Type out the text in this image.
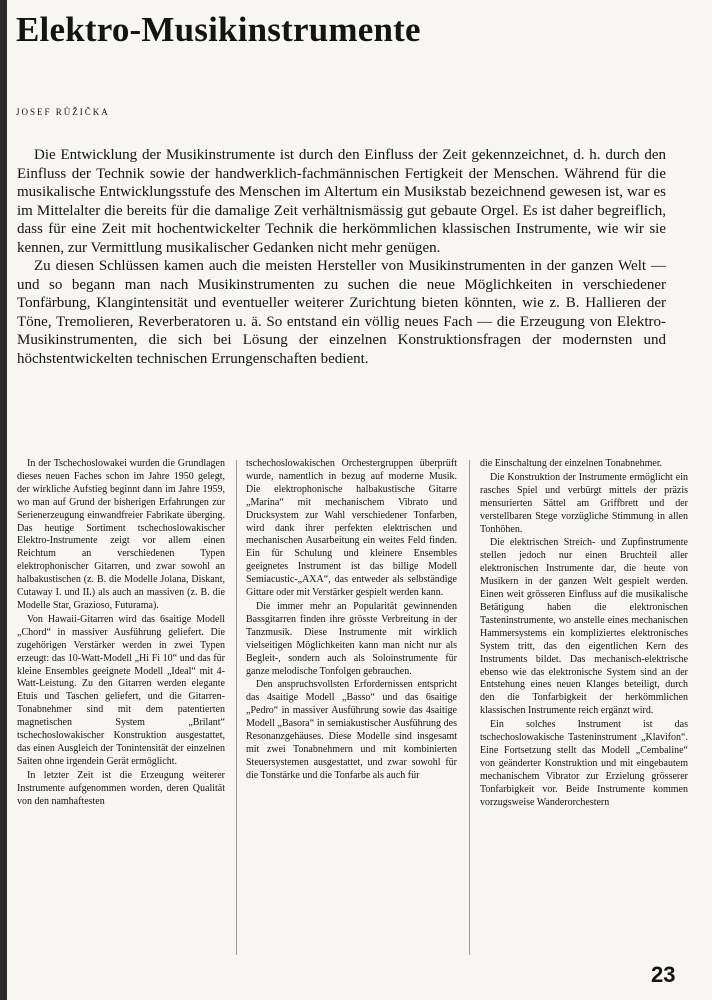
Elektro-Musikinstrumente
JOSEF RŮŽIČKA

Die Entwicklung der Musikinstrumente ist durch den Einfluss der Zeit gekennzeichnet, d. h. durch den Einfluss der Technik sowie der handwerklich-fachmännischen Fertigkeit der Menschen. Während für die musikalische Entwicklungsstufe des Menschen im Altertum ein Musikstab bezeichnend gewesen ist, war es im Mittelalter die bereits für die damalige Zeit verhältnismässig gut gebaute Orgel. Es ist daher begreiflich, dass für eine Zeit mit hochentwickelter Technik die herkömmlichen klassischen Instrumente, wie wir sie kennen, zur Vermittlung musikalischer Gedanken nicht mehr genügen.

Zu diesen Schlüssen kamen auch die meisten Hersteller von Musikinstrumenten in der ganzen Welt — und so begann man nach Musikinstrumenten zu suchen die neue Möglichkeiten in verschiedener Tonfärbung, Klangintensität und eventueller weiterer Zurichtung bieten könnten, wie z. B. Hallieren der Töne, Tremolieren, Reverberatoren u. ä. So entstand ein völlig neues Fach — die Erzeugung von Elektro-Musikinstrumenten, die sich bei Lösung der einzelnen Konstruktionsfragen der modernsten und höchstentwickelten technischen Errungenschaften bedient.

In der Tschechoslowakei wurden die Grundlagen dieses neuen Faches schon im Jahre 1950 gelegt, der wirkliche Aufstieg beginnt dann im Jahre 1959, wo man auf Grund der bisherigen Erfahrungen zur Serienerzeugung einwandfreier Fabrikate überging. Das heutige Sortiment tschechoslowakischer Elektro-Instrumente zeigt vor allem einen Reichtum an verschiedenen Typen elektrophonischer Gitarren, und zwar sowohl an halbakustischen (z. B. die Modelle Jolana, Diskant, Cutaway I. und II.) als auch an massiven (z. B. die Modelle Star, Grazioso, Futurama).

Von Hawaii-Gitarren wird das 6saitige Modell „Chord“ in massiver Ausführung geliefert. Die zugehörigen Verstärker werden in zwei Typen erzeugt: das 10-Watt-Modell „Hi Fi 10“ und das für kleine Ensembles geeignete Modell „Ideal“ mit 4-Watt-Leistung. Zu den Gitarren werden elegante Etuis und Taschen geliefert, und die Gitarren-Tonabnehmer sind mit dem patentierten magnetischen System „Brilant“ tschechoslowakischer Konstruktion ausgestattet, das einen Ausgleich der Tonintensität der einzelnen Saiten ohne irgendein Gerät ermöglicht.

In letzter Zeit ist die Erzeugung weiterer Instrumente aufgenommen worden, deren Qualität von den namhaftesten

tschechoslowakischen Orchestergruppen überprüft wurde, namentlich in bezug auf moderne Musik. Die elektrophonische halbakustische Gitarre „Marina“ mit mechanischem Vibrato und Drucksystem zur Wahl verschiedener Tonfarben, wird dank ihrer perfekten elektrischen und mechanischen Ausarbeitung ein weites Feld finden. Ein für Schulung und kleinere Ensembles geeignetes Instrument ist das billige Modell Semiacustic-„AXA“, das entweder als selbständige Gittare oder mit Verstärker gespielt werden kann.

Die immer mehr an Popularität gewinnenden Bassgitarren finden ihre grösste Verbreitung in der Tanzmusik. Diese Instrumente mit wirklich vielseitigen Möglichkeiten kann man nicht nur als Begleit-, sondern auch als Soloinstrumente für ganze melodische Tonfolgen gebrauchen.

Den anspruchsvollsten Erfordernissen entspricht das 4saitige Modell „Basso“ und das 6saitige „Pedro“ in massiver Ausführung sowie das 4saitige Modell „Basora“ in semiakustischer Ausführung des Resonanzgehäuses. Diese Modelle sind insgesamt mit zwei Tonabnehmern und mit kombinierten Steuersystemen ausgestattet, und zwar sowohl für die Tonstärke und die Tonfarbe als auch für

die Einschaltung der einzelnen Tonabnehmer.

Die Konstruktion der Instrumente ermöglicht ein rasches Spiel und verbürgt mittels der präzis mensurierten Sättel am Griffbrett und der verstellbaren Stege vorzügliche Stimmung in allen Tonhöhen.

Die elektrischen Streich- und Zupfinstrumente stellen jedoch nur einen Bruchteil aller elektronischen Instrumente dar, die heute von Musikern in der ganzen Welt gespielt werden. Einen weit grösseren Einfluss auf die musikalische Betätigung haben die elektronischen Tasteninstrumente, wo anstelle eines mechanischen Hammersystems ein kompliziertes elektronisches System tritt, das den eigentlichen Kern des Instruments bildet. Das mechanisch-elektrische ebenso wie das elektronische System sind an der Entstehung eines neuen Klanges beteiligt, durch den die Tonfarbigkeit der herkömmlichen klassischen Instrumente reich ergänzt wird.

Ein solches Instrument ist das tschechoslowakische Tasteninstrument „Klavifon“. Eine Fortsetzung stellt das Modell „Cembaline“ von geänderter Konstruktion und mit eingebautem mechanischem Vibrator zur Erzielung grösserer Tonfarbigkeit vor. Beide Instrumente kommen vorzugsweise Wanderorchestern

23
